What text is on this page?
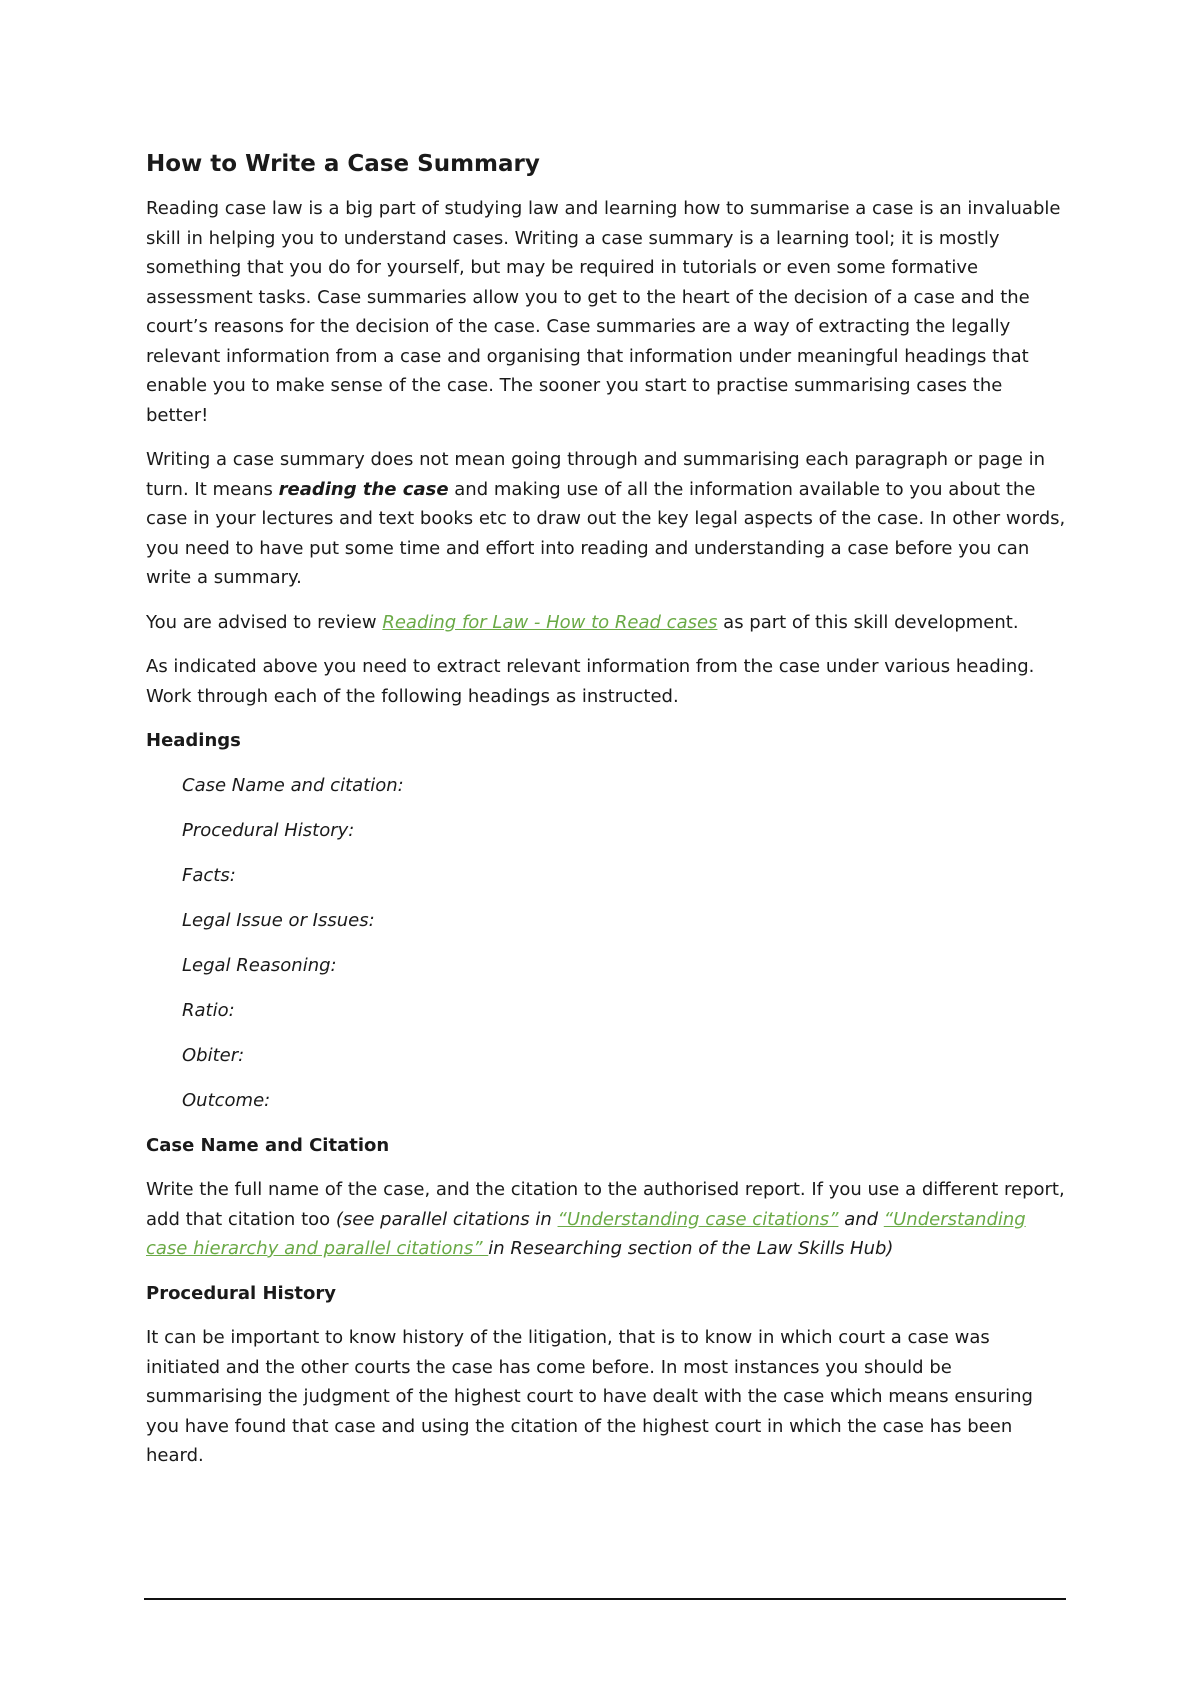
How to Write a Case Summary

Reading case law is a big part of studying law and learning how to summarise a case is an invaluable skill in helping you to understand cases. Writing a case summary is a learning tool; it is mostly something that you do for yourself, but may be required in tutorials or even some formative assessment tasks. Case summaries allow you to get to the heart of the decision of a case and the court’s reasons for the decision of the case. Case summaries are a way of extracting the legally relevant information from a case and organising that information under meaningful headings that enable you to make sense of the case. The sooner you start to practise summarising cases the better!

Writing a case summary does not mean going through and summarising each paragraph or page in turn. It means reading the case and making use of all the information available to you about the case in your lectures and text books etc to draw out the key legal aspects of the case. In other words, you need to have put some time and effort into reading and understanding a case before you can write a summary.

You are advised to review Reading for Law - How to Read cases as part of this skill development.

As indicated above you need to extract relevant information from the case under various heading. Work through each of the following headings as instructed.

Headings
Case Name and citation:
Procedural History:
Facts:
Legal Issue or Issues:
Legal Reasoning:
Ratio:
Obiter:
Outcome:
Case Name and Citation

Write the full name of the case, and the citation to the authorised report. If you use a different report, add that citation too (see parallel citations in “Understanding case citations” and “Understanding case hierarchy and parallel citations” in Researching section of the Law Skills Hub)

Procedural History

It can be important to know history of the litigation, that is to know in which court a case was initiated and the other courts the case has come before. In most instances you should be summarising the judgment of the highest court to have dealt with the case which means ensuring you have found that case and using the citation of the highest court in which the case has been heard.
